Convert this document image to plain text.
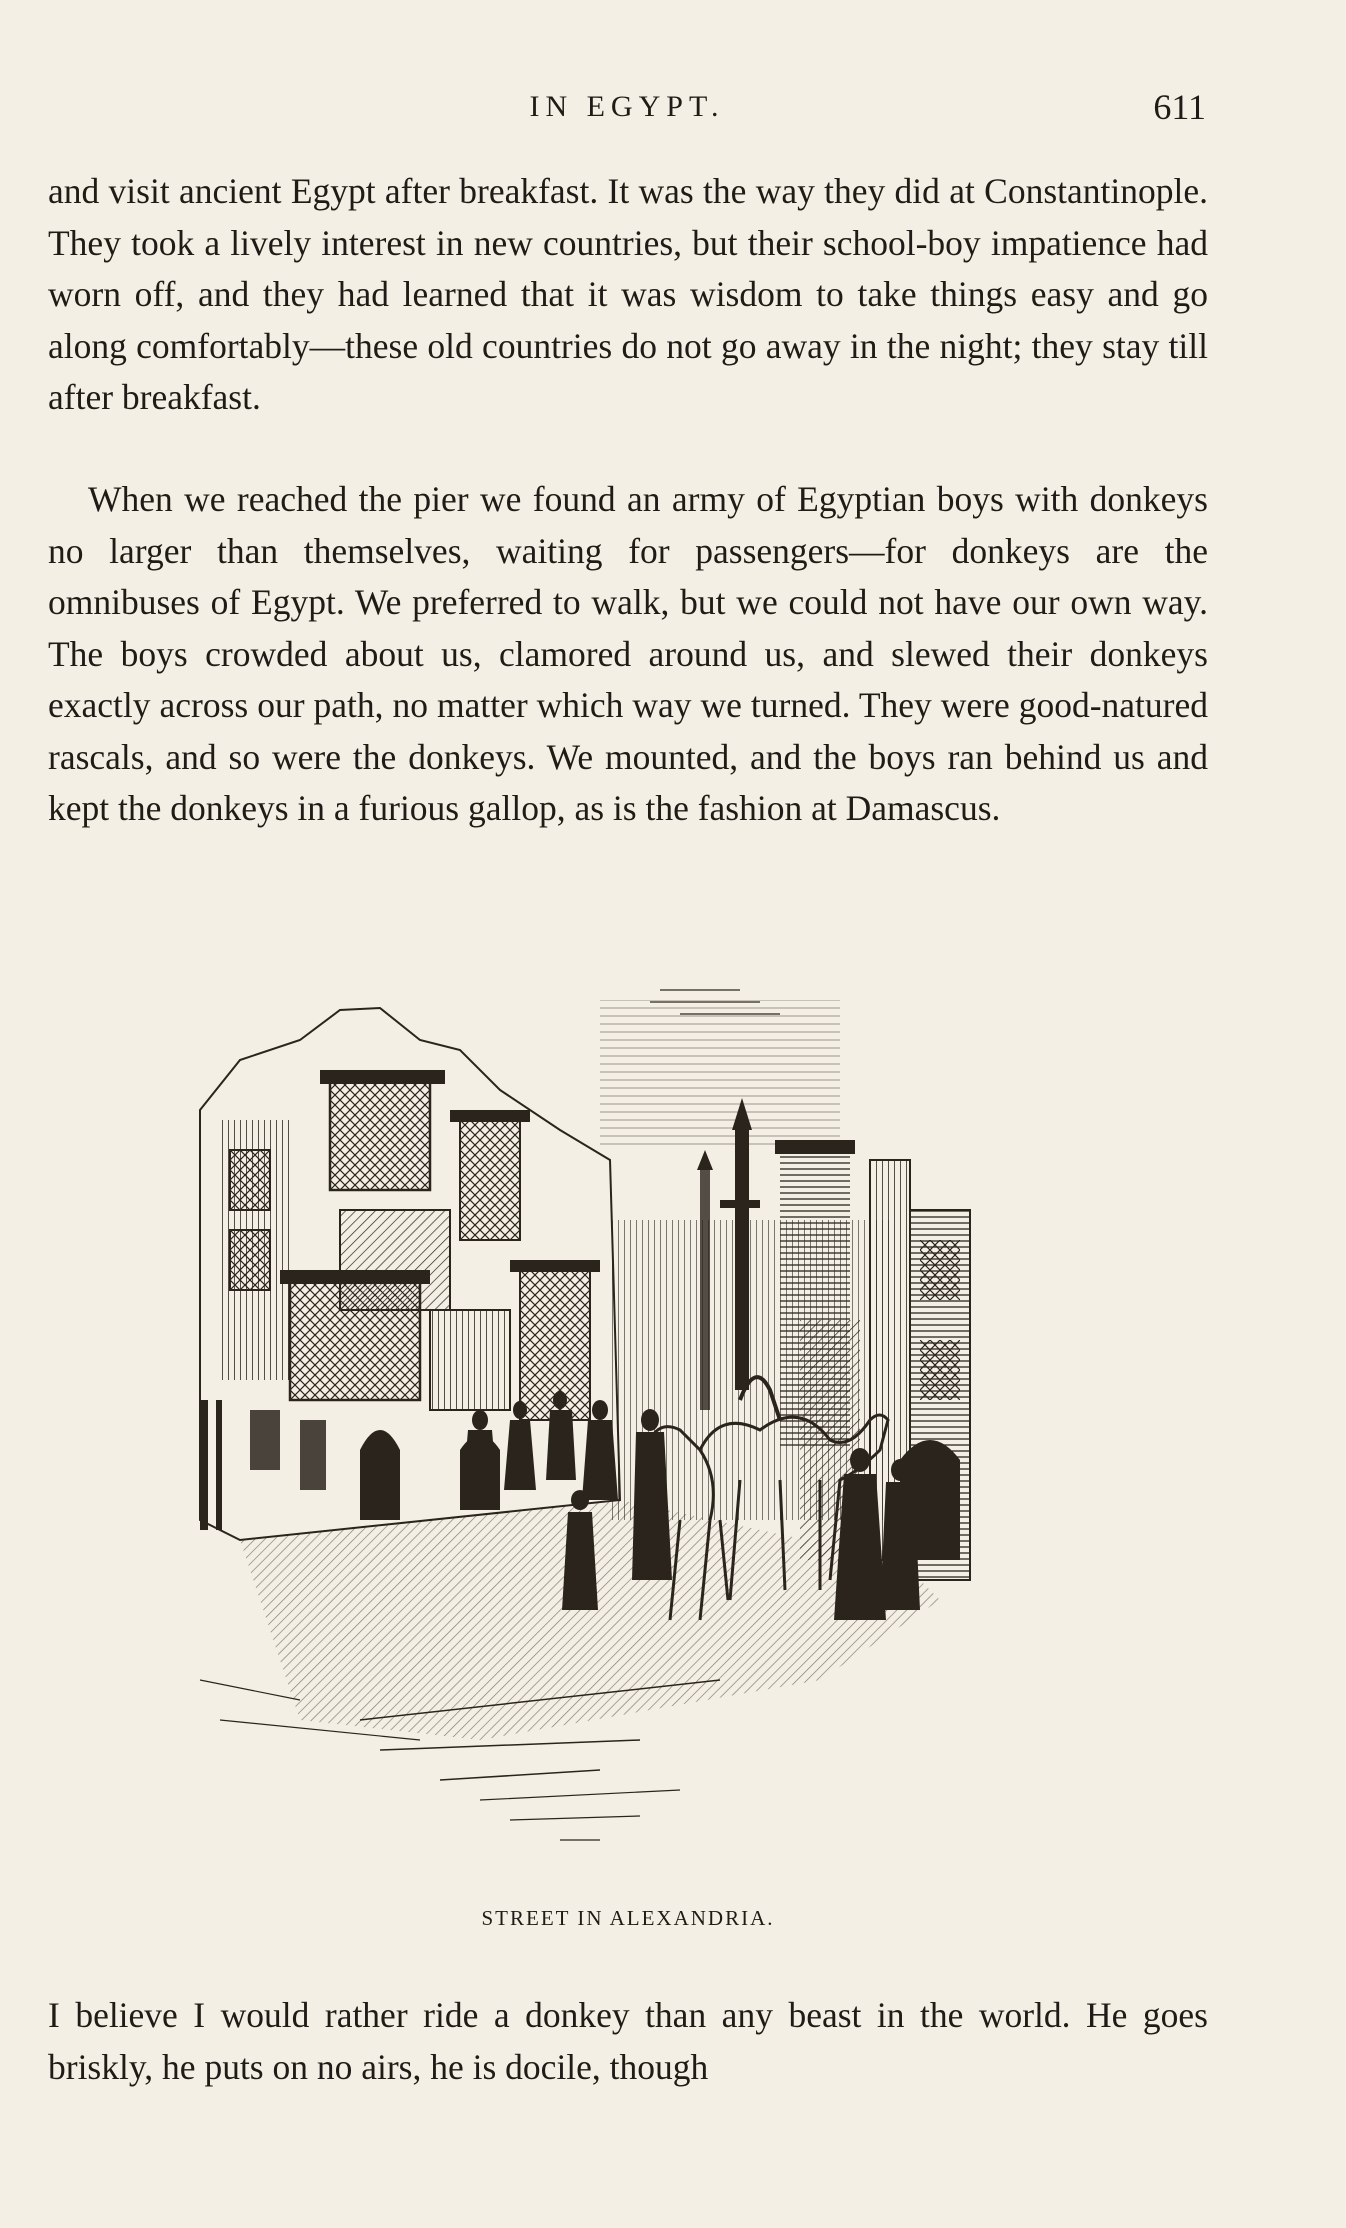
IN EGYPT.	611

and visit ancient Egypt after breakfast. It was the way they did at Constantinople. They took a lively interest in new countries, but their school-boy impatience had worn off, and they had learned that it was wisdom to take things easy and go along comfortably—these old countries do not go away in the night; they stay till after breakfast.

When we reached the pier we found an army of Egyptian boys with donkeys no larger than themselves, waiting for passengers—for donkeys are the omnibuses of Egypt. We preferred to walk, but we could not have our own way. The boys crowded about us, clamored around us, and slewed their donkeys exactly across our path, no matter which way we turned. They were good-natured rascals, and so were the donkeys. We mounted, and the boys ran behind us and kept the donkeys in a furious gallop, as is the fashion at Damascus.

STREET IN ALEXANDRIA.

I believe I would rather ride a donkey than any beast in the world. He goes briskly, he puts on no airs, he is docile, though
